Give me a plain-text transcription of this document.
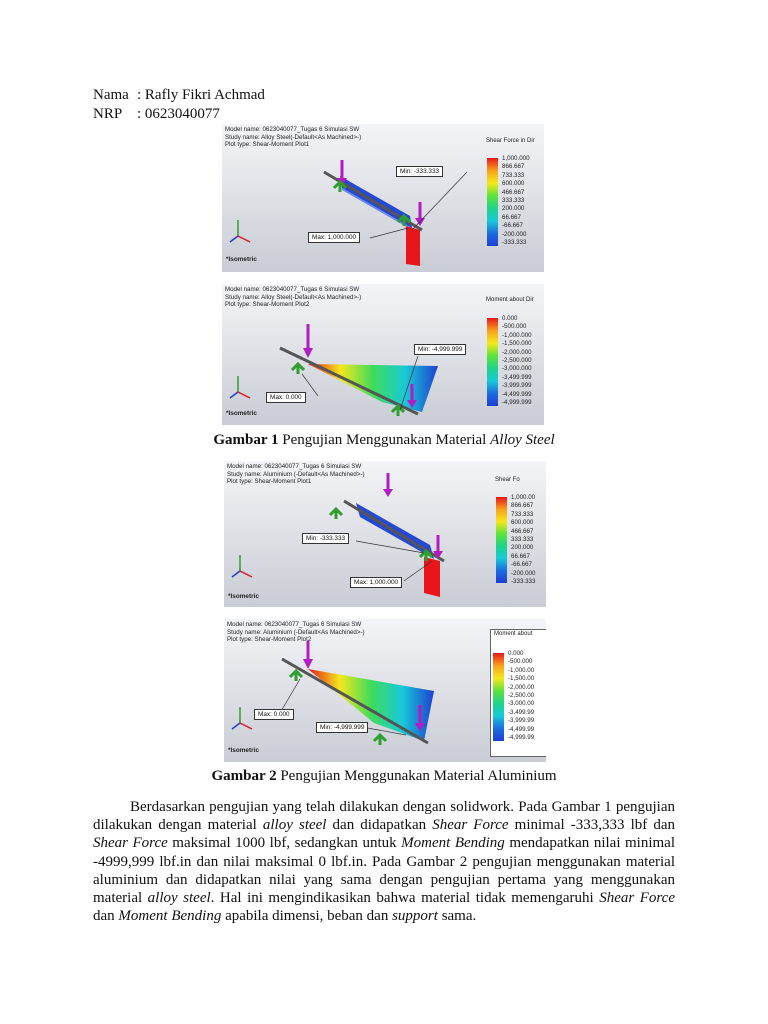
Nama : Rafly Fikri Achmad
NRP : 0623040077
Model name: 0623040077_Tugas 6 Simulasi SW
Study name: Alloy Steel(-Default<As Machined>-)
Plot type: Shear-Moment Plot1
Min: -333.333
Max: 1,000.000
*Isometric
Shear Force in Dir
1,000.000
866.667
733.333
600.000
466.667
333.333
200.000
66.667
-66.667
-200.000
-333.333
Model name: 0623040077_Tugas 6 Simulasi SW
Study name: Alloy Steel(-Default<As Machined>-)
Plot type: Shear-Moment Plot2
Min: -4,999.999
Max: 0.000
*Isometric
Moment about Dir
0.000
-500.000
-1,000.000
-1,500.000
-2,000.000
-2,500.000
-3,000.000
-3,499.999
-3,999.999
-4,499.999
-4,999.999
Gambar 1 Pengujian Menggunakan Material Alloy Steel
Model name: 0623040077_Tugas 6 Simulasi SW
Study name: Aluminium (-Default<As Machined>-)
Plot type: Shear-Moment Plot1
Min: -333.333
Max: 1,000.000
*Isometric
Shear Fo
1,000.00
866.667
733.333
600.000
466.667
333.333
200.000
66.667
-66.667
-200.000
-333.333
Model name: 0623040077_Tugas 6 Simulasi SW
Study name: Aluminium (-Default<As Machined>-)
Plot type: Shear-Moment Plot2
Max: 0.000
Min: -4,999.999
*Isometric
Moment about
0.000
-500.000
-1,000.00
-1,500.00
-2,000.00
-2,500.00
-3,000.00
-3,499.99
-3,999.99
-4,499.99
-4,999.99
Gambar 2 Pengujian Menggunakan Material Aluminium

Berdasarkan pengujian yang telah dilakukan dengan solidwork. Pada Gambar 1 pengujian dilakukan dengan material alloy steel dan didapatkan Shear Force minimal -333,333 lbf dan Shear Force maksimal 1000 lbf, sedangkan untuk Moment Bending mendapatkan nilai minimal -4999,999 lbf.in dan nilai maksimal 0 lbf.in. Pada Gambar 2 pengujian menggunakan material aluminium dan didapatkan nilai yang sama dengan pengujian pertama yang menggunakan material alloy steel. Hal ini mengindikasikan bahwa material tidak memengaruhi Shear Force dan Moment Bending apabila dimensi, beban dan support sama.
